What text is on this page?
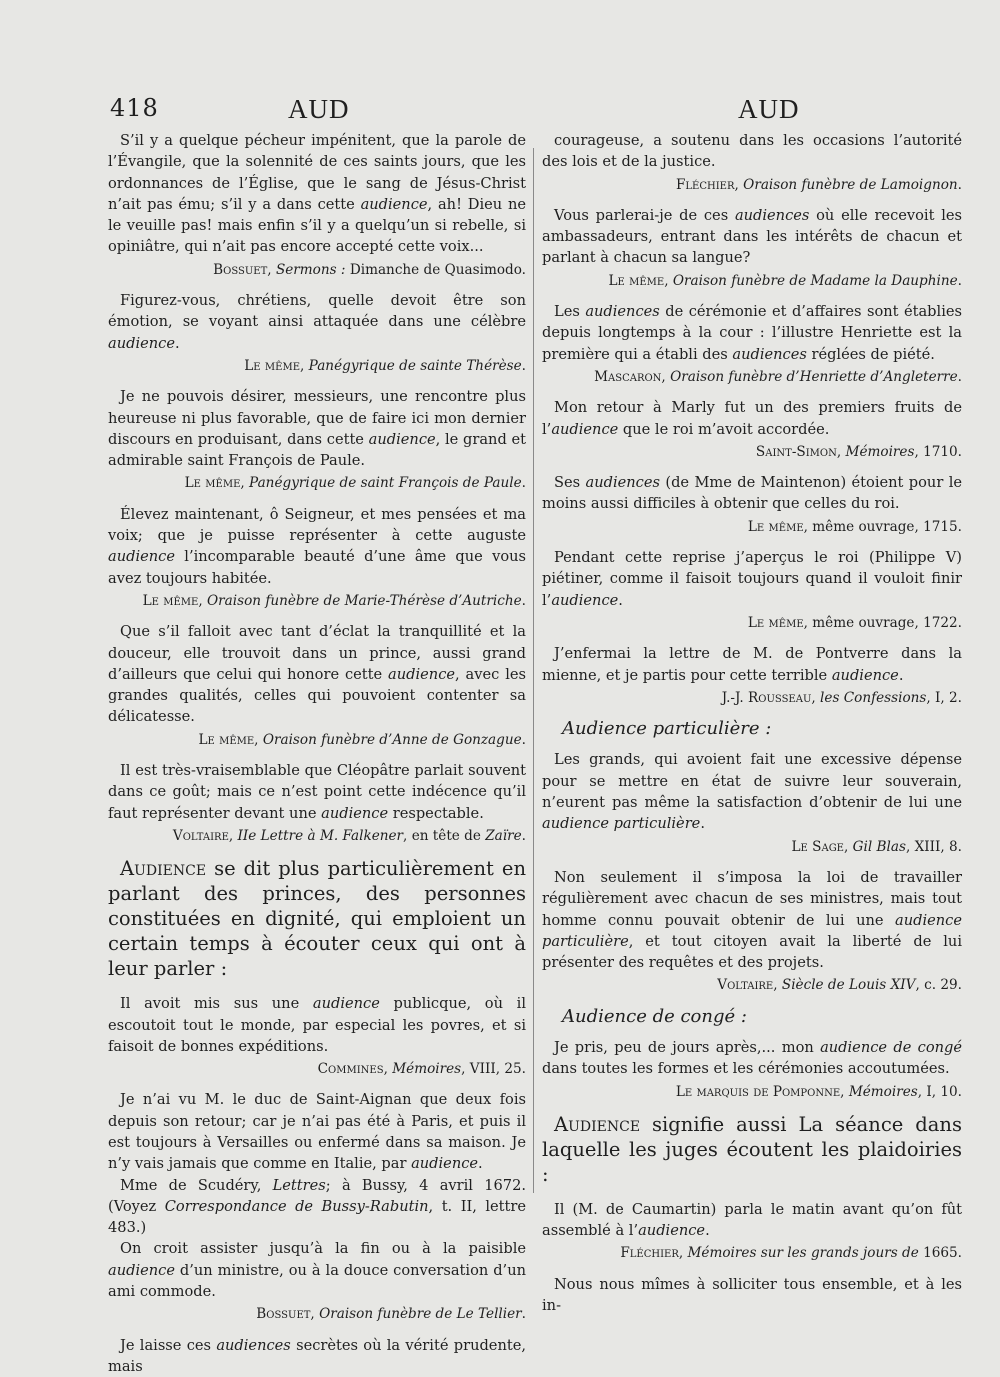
418	AUD	AUD

S’il y a quelque pécheur impénitent, que la parole de l’Évangile, que la solennité de ces saints jours, que les ordonnances de l’Église, que le sang de Jésus-Christ n’ait pas ému; s’il y a dans cette audience, ah! Dieu ne le veuille pas! mais enfin s’il y a quelqu’un si rebelle, si opiniâtre, qui n’ait pas encore accepté cette voix...

Bossuet, Sermons : Dimanche de Quasimodo.

Figurez-vous, chrétiens, quelle devoit être son émotion, se voyant ainsi attaquée dans une célèbre audience.

Le même, Panégyrique de sainte Thérèse.

Je ne pouvois désirer, messieurs, une rencontre plus heureuse ni plus favorable, que de faire ici mon dernier discours en produisant, dans cette audience, le grand et admirable saint François de Paule.

Le même, Panégyrique de saint François de Paule.

Élevez maintenant, ô Seigneur, et mes pensées et ma voix; que je puisse représenter à cette auguste audience l’incomparable beauté d’une âme que vous avez toujours habitée.

Le même, Oraison funèbre de Marie-Thérèse d’Autriche.

Que s’il falloit avec tant d’éclat la tranquillité et la douceur, elle trouvoit dans un prince, aussi grand d’ailleurs que celui qui honore cette audience, avec les grandes qualités, celles qui pouvoient contenter sa délicatesse.

Le même, Oraison funèbre d’Anne de Gonzague.

Il est très-vraisemblable que Cléopâtre parlait souvent dans ce goût; mais ce n’est point cette indécence qu’il faut représenter devant une audience respectable.

Voltaire, IIe Lettre à M. Falkener, en tête de Zaïre.

Audience se dit plus particulièrement en parlant des princes, des personnes constituées en dignité, qui emploient un certain temps à écouter ceux qui ont à leur parler :

Il avoit mis sus une audience publicque, où il escoutoit tout le monde, par especial les povres, et si faisoit de bonnes expéditions.

Commines, Mémoires, VIII, 25.

Je n’ai vu M. le duc de Saint-Aignan que deux fois depuis son retour; car je n’ai pas été à Paris, et puis il est toujours à Versailles ou enfermé dans sa maison. Je n’y vais jamais que comme en Italie, par audience.

Mme de Scudéry, Lettres; à Bussy, 4 avril 1672. (Voyez Correspondance de Bussy-Rabutin, t. II, lettre 483.)

On croit assister jusqu’à la fin ou à la paisible audience d’un ministre, ou à la douce conversation d’un ami commode.

Bossuet, Oraison funèbre de Le Tellier.

Je laisse ces audiences secrètes où la vérité prudente, mais

courageuse, a soutenu dans les occasions l’autorité des lois et de la justice.

Fléchier, Oraison funèbre de Lamoignon.

Vous parlerai-je de ces audiences où elle recevoit les ambassadeurs, entrant dans les intérêts de chacun et parlant à chacun sa langue?

Le même, Oraison funèbre de Madame la Dauphine.

Les audiences de cérémonie et d’affaires sont établies depuis longtemps à la cour : l’illustre Henriette est la première qui a établi des audiences réglées de piété.

Mascaron, Oraison funèbre d’Henriette d’Angleterre.

Mon retour à Marly fut un des premiers fruits de l’audience que le roi m’avoit accordée.

Saint-Simon, Mémoires, 1710.

Ses audiences (de Mme de Maintenon) étoient pour le moins aussi difficiles à obtenir que celles du roi.

Le même, même ouvrage, 1715.

Pendant cette reprise j’aperçus le roi (Philippe V) piétiner, comme il faisoit toujours quand il vouloit finir l’audience.

Le même, même ouvrage, 1722.

J’enfermai la lettre de M. de Pontverre dans la mienne, et je partis pour cette terrible audience.

J.-J. Rousseau, les Confessions, I, 2.

Audience particulière :

Les grands, qui avoient fait une excessive dépense pour se mettre en état de suivre leur souverain, n’eurent pas même la satisfaction d’obtenir de lui une audience particulière.

Le Sage, Gil Blas, XIII, 8.

Non seulement il s’imposa la loi de travailler régulièrement avec chacun de ses ministres, mais tout homme connu pouvait obtenir de lui une audience particulière, et tout citoyen avait la liberté de lui présenter des requêtes et des projets.

Voltaire, Siècle de Louis XIV, c. 29.

Audience de congé :

Je pris, peu de jours après,... mon audience de congé dans toutes les formes et les cérémonies accoutumées.

Le marquis de Pomponne, Mémoires, I, 10.

Audience signifie aussi La séance dans laquelle les juges écoutent les plaidoiries :

Il (M. de Caumartin) parla le matin avant qu’on fût assemblé à l’audience.

Fléchier, Mémoires sur les grands jours de 1665.

Nous nous mîmes à solliciter tous ensemble, et à les in-
